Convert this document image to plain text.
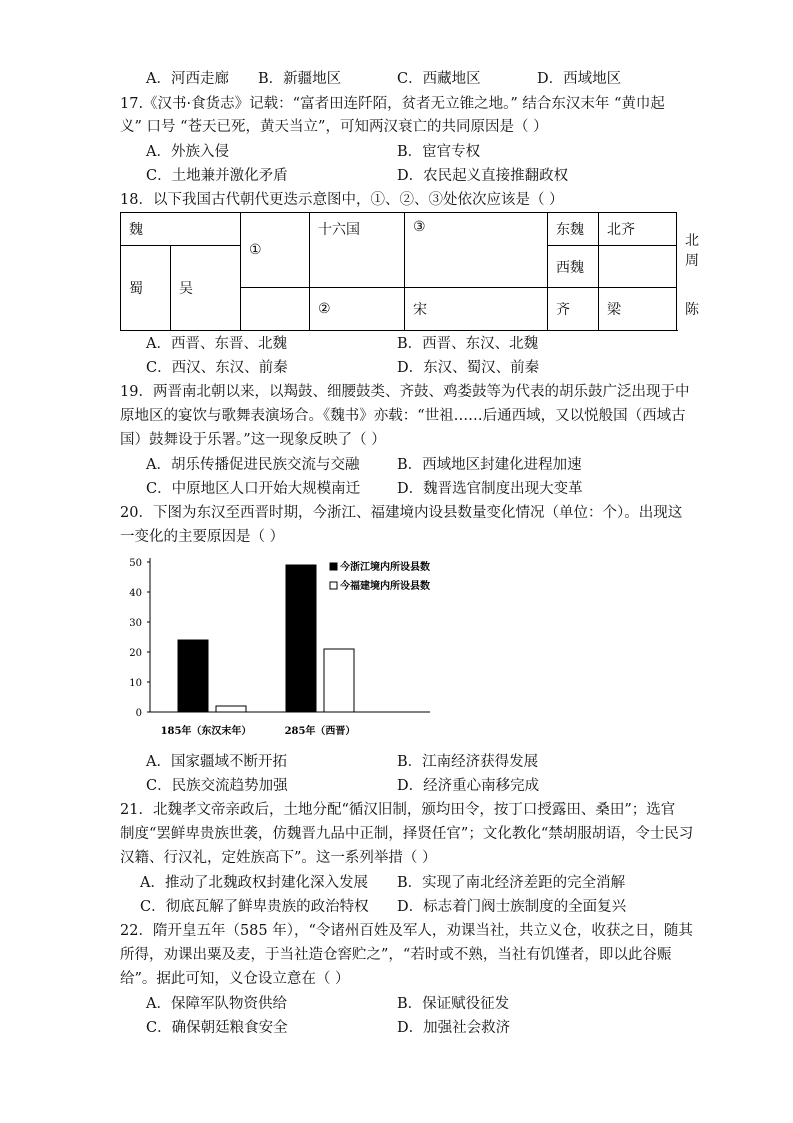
A．河西走廊 B．新疆地区	C．西藏地区	D．西域地区
17.《汉书·食货志》记载：“富者田连阡陌，贫者无立锥之地。” 结合东汉末年 “黄巾起
义” 口号 “苍天已死，黄天当立”，可知两汉衰亡的共同原因是（ ）
A．外族入侵	B．宦官专权
C．土地兼并激化矛盾	D．农民起义直接推翻政权
18．以下我国古代朝代更迭示意图中，①、②、③处依次应该是（ ）
魏		①	十六国	③	东魏	北齐	北周
蜀	吴				西魏		
			②	宋	齐	梁	陈
A．西晋、东晋、北魏	B．西晋、东汉、北魏
C．西汉、东汉、前秦	D．东汉、蜀汉、前秦
19．两晋南北朝以来，以羯鼓、细腰鼓类、齐鼓、鸡娄鼓等为代表的胡乐鼓广泛出现于中
原地区的宴饮与歌舞表演场合。《魏书》亦载：“世祖……后通西域，又以悦般国（西域古
国）鼓舞设于乐署。”这一现象反映了（ ）
A．胡乐传播促进民族交流与交融	B．西域地区封建化进程加速
C．中原地区人口开始大规模南迁	D．魏晋选官制度出现大变革
20．下图为东汉至西晋时期，今浙江、福建境内设县数量变化情况（单位：个）。出现这
一变化的主要原因是（ ）
0
10
20
30
40
50	今浙江境内所设县数
今福建境内所设县数
185年（东汉末年）	285年（西晋）
A．国家疆域不断开拓	B．江南经济获得发展
C．民族交流趋势加强	D．经济重心南移完成
21．北魏孝文帝亲政后，土地分配“循汉旧制，颁均田令，按丁口授露田、桑田”；选官
制度“罢鲜卑贵族世袭，仿魏晋九品中正制，择贤任官”；文化教化“禁胡服胡语，令士民习
汉籍、行汉礼，定姓族高下”。这一系列举措（ ）
A．推动了北魏政权封建化深入发展 B．实现了南北经济差距的完全消解
C．彻底瓦解了鲜卑贵族的政治特权 D．标志着门阀士族制度的全面复兴
22．隋开皇五年（585 年），“令诸州百姓及军人，劝课当社，共立义仓，收获之日，随其
所得，劝课出粟及麦，于当社造仓窖贮之”，“若时或不熟，当社有饥馑者，即以此谷赈
给”。据此可知，义仓设立意在（ ）
A．保障军队物资供给	B．保证赋役征发
C．确保朝廷粮食安全	D．加强社会救济
